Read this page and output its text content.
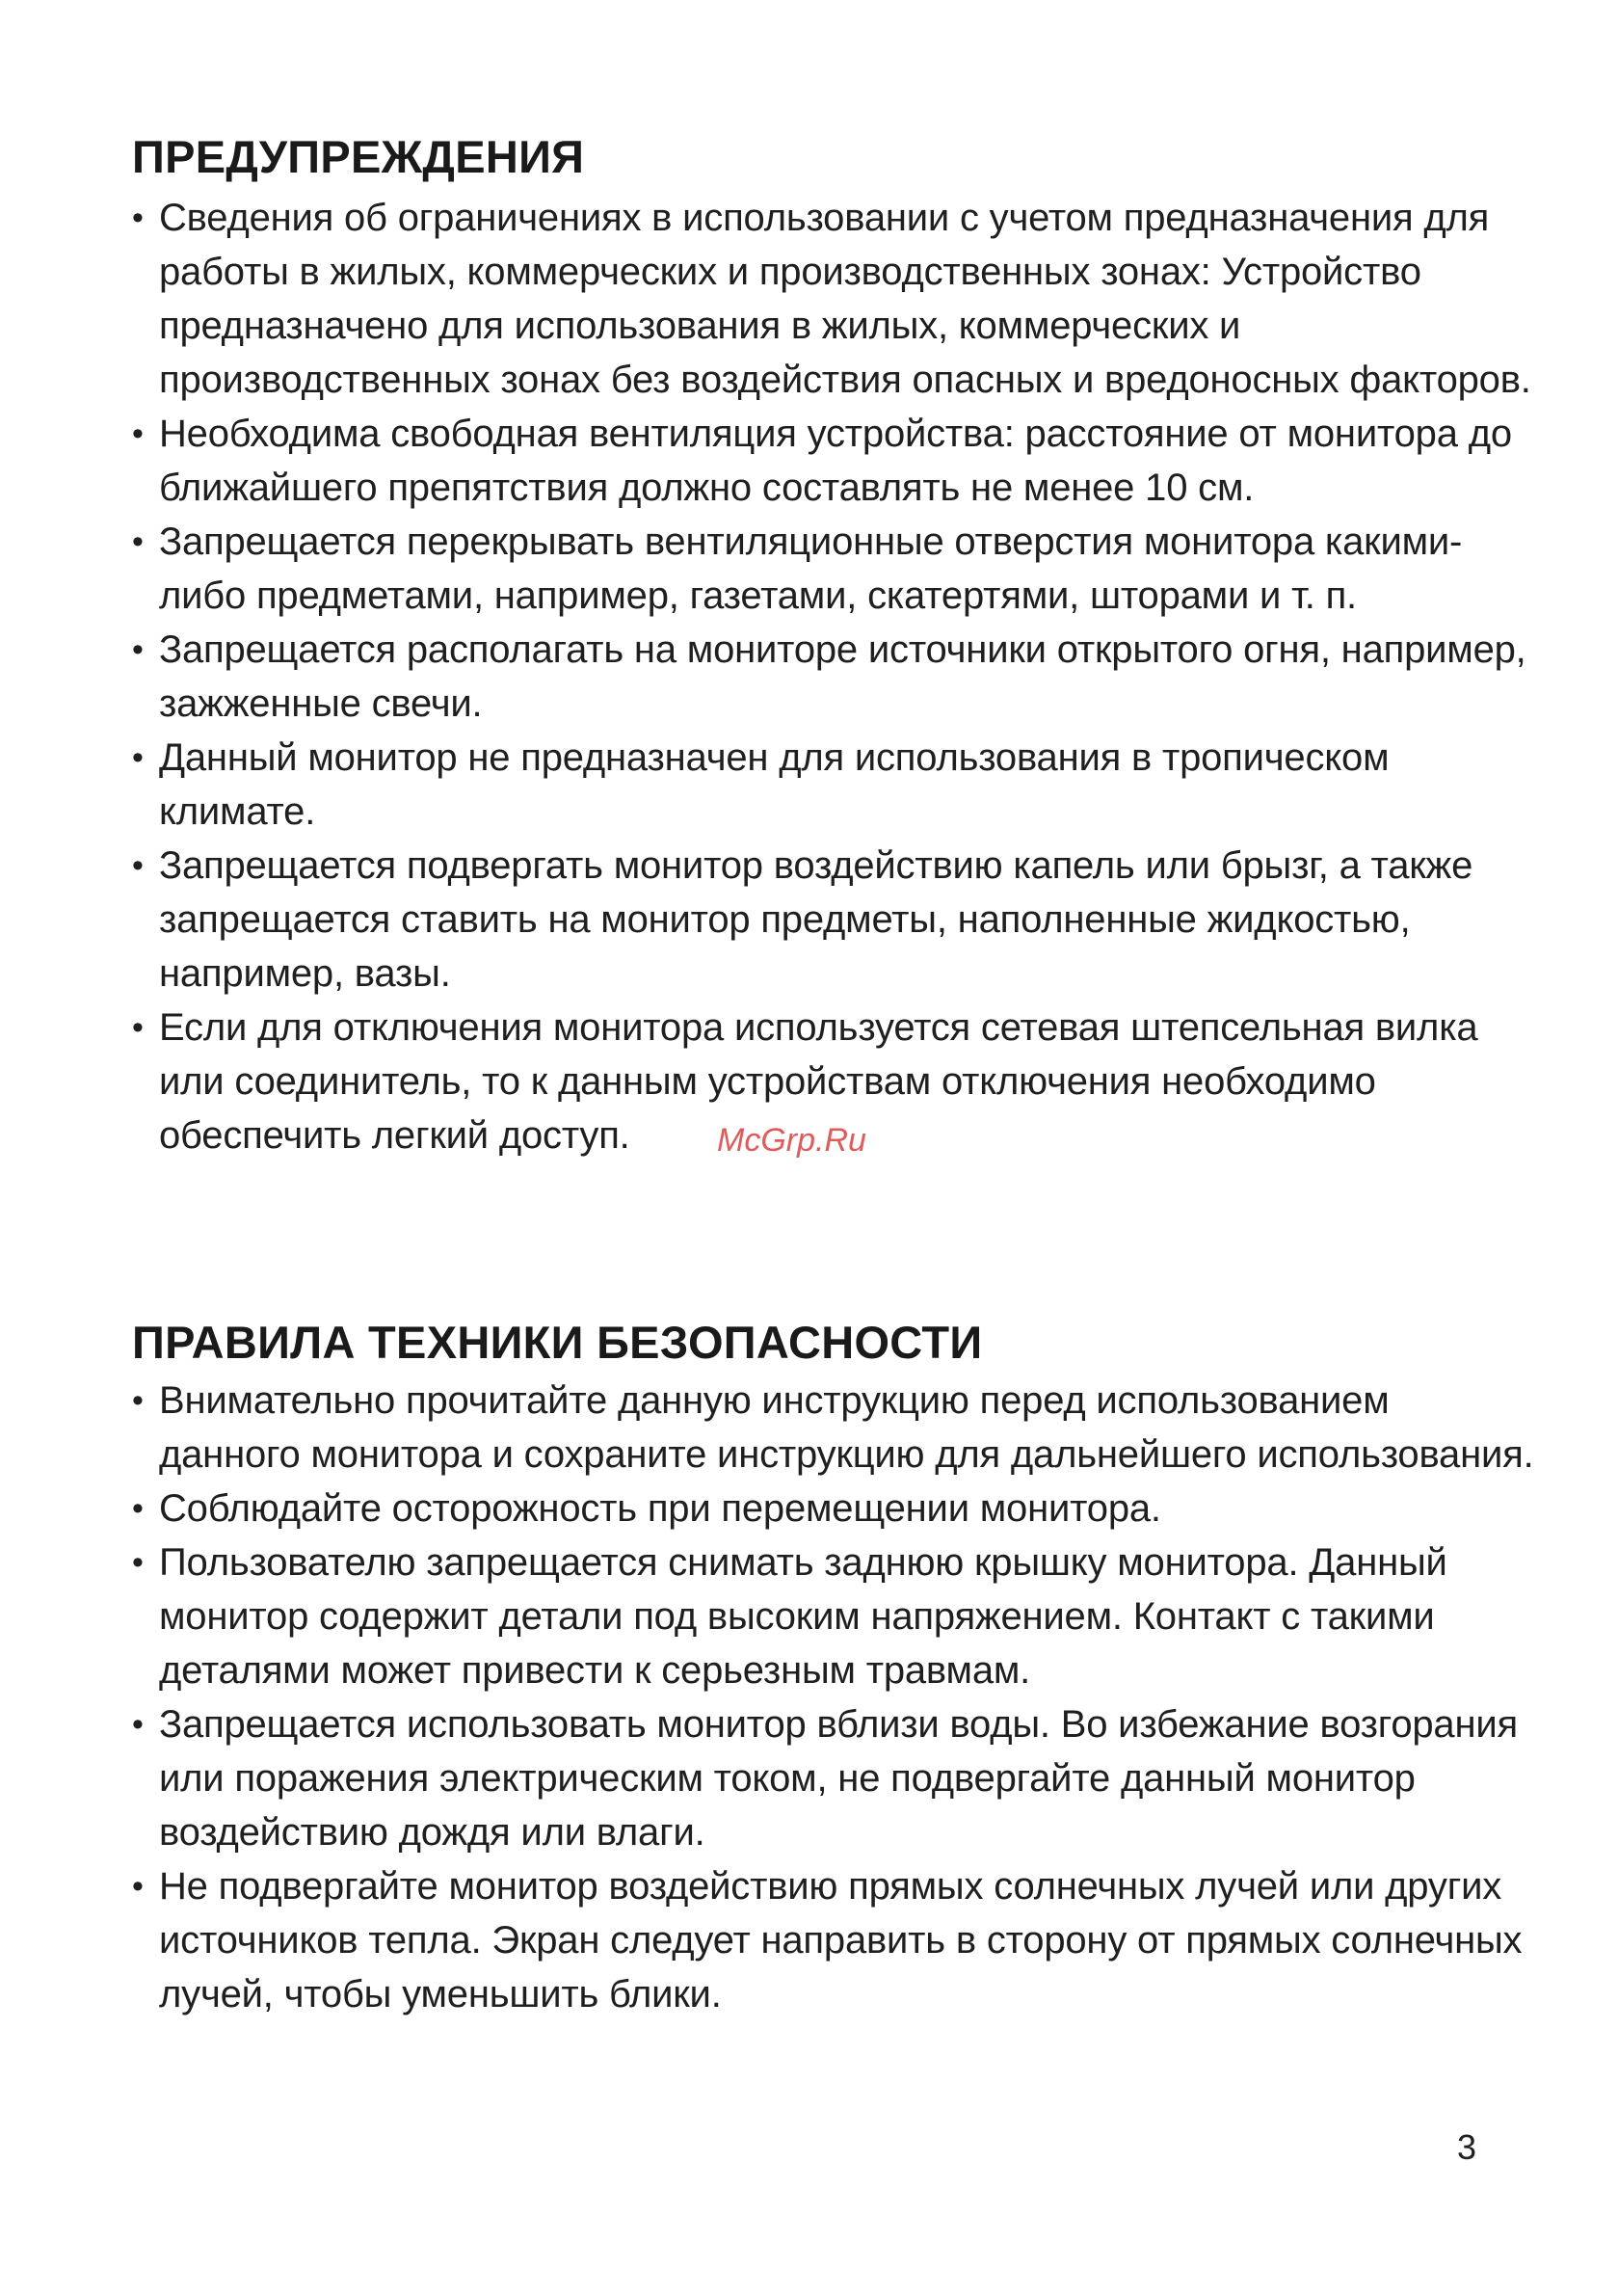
ПРЕДУПРЕЖДЕНИЯ
• Сведения об ограничениях в использовании с учетом предназначения для работы в жилых, коммерческих и производственных зонах: Устройство предназначено для использования в жилых, коммерческих и производственных зонах без воздействия опасных и вредоносных факторов.
• Необходима свободная вентиляция устройства: расстояние от монитора до ближайшего препятствия должно составлять не менее 10 см.
• Запрещается перекрывать вентиляционные отверстия монитора какими-либо предметами, например, газетами, скатертями, шторами и т. п.
• Запрещается располагать на мониторе источники открытого огня, например, зажженные свечи.
• Данный монитор не предназначен для использования в тропическом климате.
• Запрещается подвергать монитор воздействию капель или брызг, а также запрещается ставить на монитор предметы, наполненные жидкостью, например, вазы.
• Если для отключения монитора используется сетевая штепсельная вилка или соединитель, то к данным устройствам отключения необходимо обеспечить легкий доступ.	McGrp.Ru
ПРАВИЛА ТЕХНИКИ БЕЗОПАСНОСТИ
• Внимательно прочитайте данную инструкцию перед использованием данного монитора и сохраните инструкцию для дальнейшего использования.
• Соблюдайте осторожность при перемещении монитора.
• Пользователю запрещается снимать заднюю крышку монитора. Данный монитор содержит детали под высоким напряжением. Контакт с такими деталями может привести к серьезным травмам.
• Запрещается использовать монитор вблизи воды. Во избежание возгорания или поражения электрическим током, не подвергайте данный монитор воздействию дождя или влаги.
• Не подвергайте монитор воздействию прямых солнечных лучей или других источников тепла. Экран следует направить в сторону от прямых солнечных лучей, чтобы уменьшить блики.
3
